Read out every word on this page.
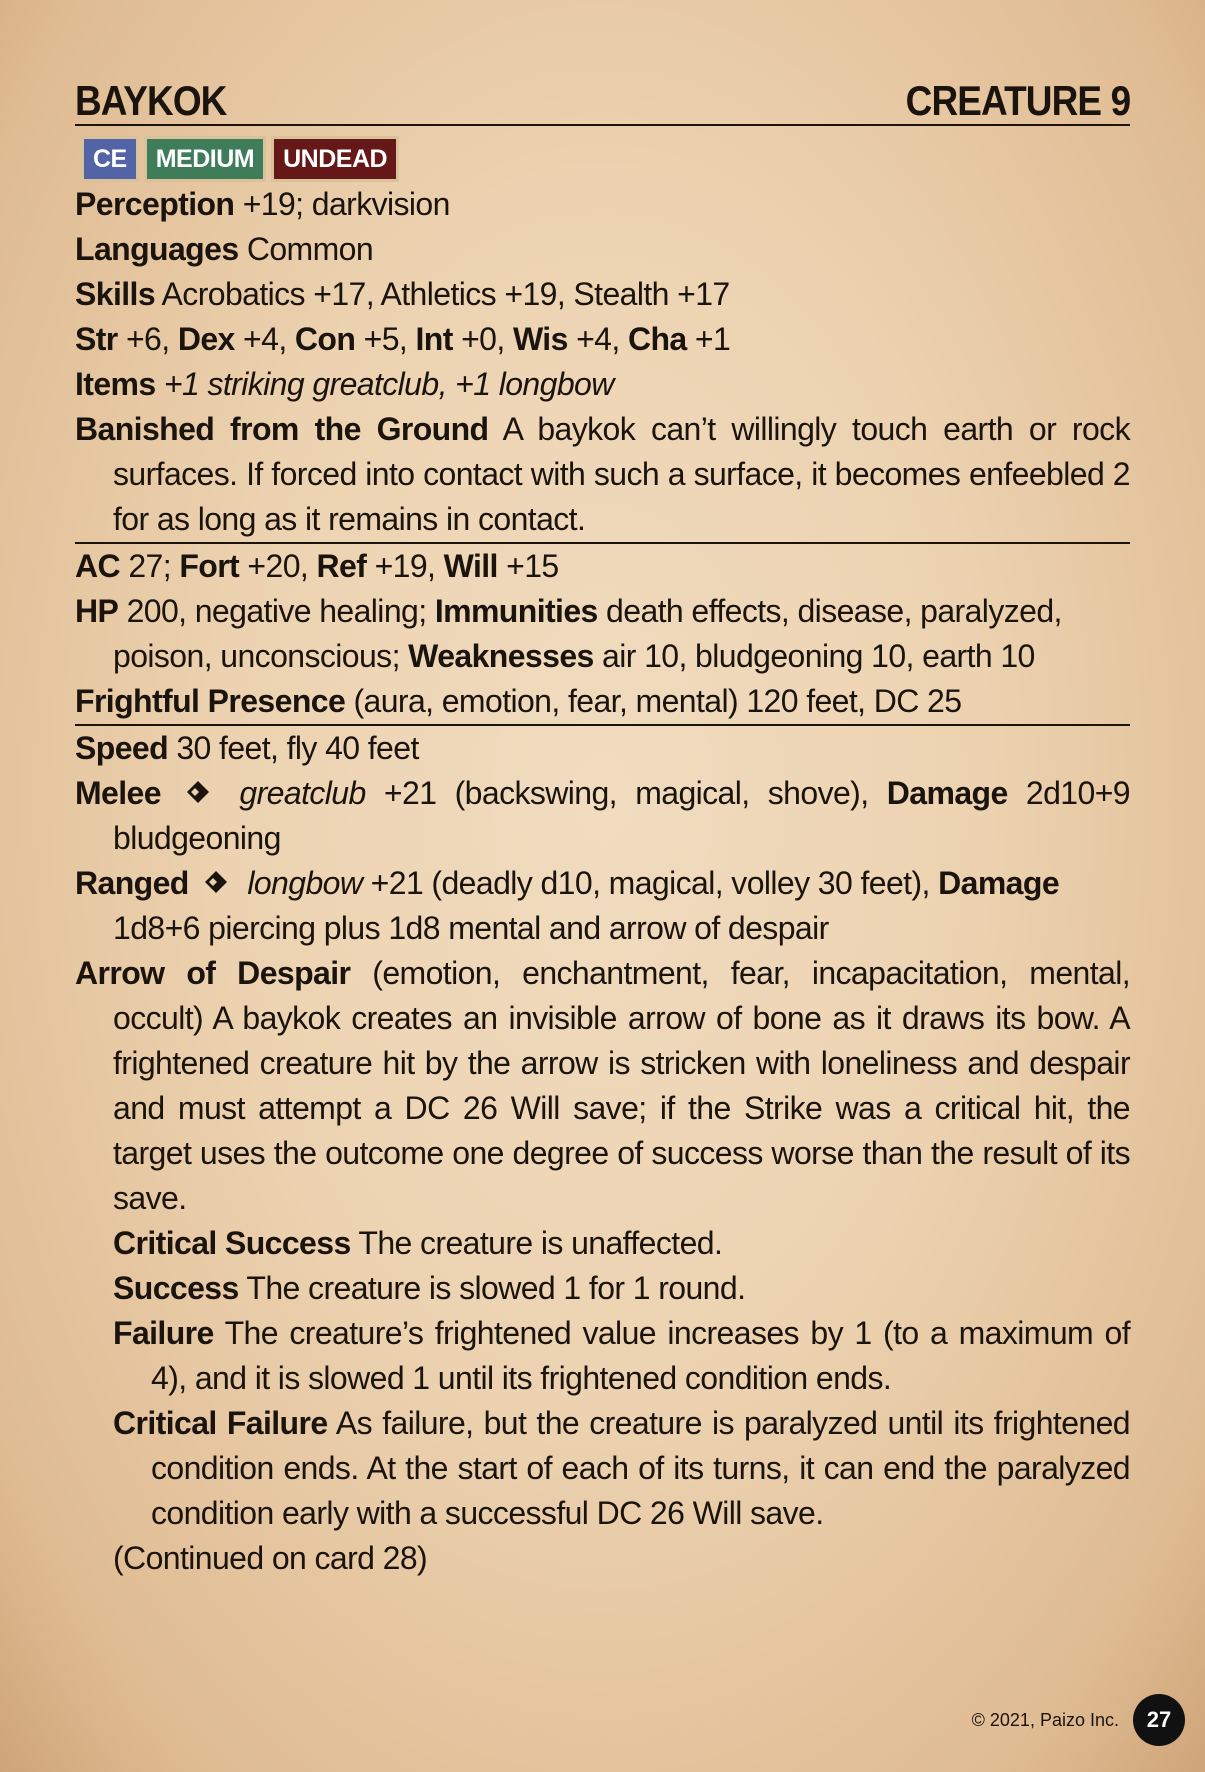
BAYKOK	CREATURE 9
CE	MEDIUM	UNDEAD
Perception +19; darkvision
Languages Common
Skills Acrobatics +17, Athletics +19, Stealth +17
Str +6, Dex +4, Con +5, Int +0, Wis +4, Cha +1
Items +1 striking greatclub, +1 longbow
Banished from the Ground A baykok can’t willingly touch earth or rock surfaces. If forced into contact with such a surface, it becomes enfeebled 2 for as long as it remains in contact.
AC 27; Fort +20, Ref +19, Will +15
HP 200, negative healing; Immunities death effects, disease, paralyzed, poison, unconscious; Weaknesses air 10, bludgeoning 10, earth 10
Frightful Presence (aura, emotion, fear, mental) 120 feet, DC 25
Speed 30 feet, fly 40 feet
Melee greatclub +21 (backswing, magical, shove), Damage 2d10+9 bludgeoning
Ranged longbow +21 (deadly d10, magical, volley 30 feet), Damage 1d8+6 piercing plus 1d8 mental and arrow of despair
Arrow of Despair (emotion, enchantment, fear, incapacitation, mental, occult) A baykok creates an invisible arrow of bone as it draws its bow. A frightened creature hit by the arrow is stricken with loneliness and despair and must attempt a DC 26 Will save; if the Strike was a critical hit, the target uses the outcome one degree of success worse than the result of its save.
Critical Success The creature is unaffected.
Success The creature is slowed 1 for 1 round.
Failure The creature’s frightened value increases by 1 (to a maximum of 4), and it is slowed 1 until its frightened condition ends.
Critical Failure As failure, but the creature is paralyzed until its frightened condition ends. At the start of each of its turns, it can end the paralyzed condition early with a successful DC 26 Will save.
(Continued on card 28)
© 2021, Paizo Inc.	27
